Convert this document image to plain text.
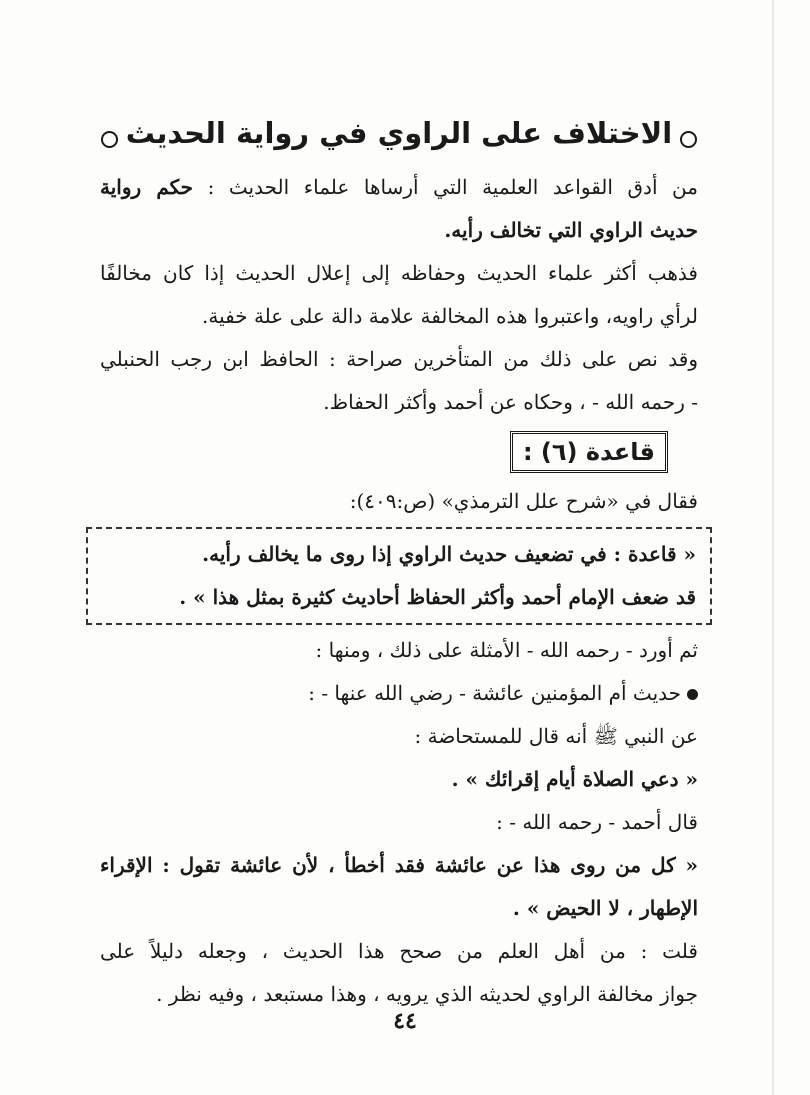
الاختلاف على الراوي في رواية الحديث
من أدق القواعد العلمية التي أرساها علماء الحديث : حكم رواية
حديث الراوي التي تخالف رأيه.
فذهب أكثر علماء الحديث وحفاظه إلى إعلال الحديث إذا كان مخالفًا
لرأي راويه، واعتبروا هذه المخالفة علامة دالة على علة خفية.
وقد نص على ذلك من المتأخرين صراحة : الحافظ ابن رجب الحنبلي
- رحمه الله - ، وحكاه عن أحمد وأكثر الحفاظ.
قاعدة (٦) :
فقال في «شرح علل الترمذي» (ص:٤٠٩):
« قاعدة : في تضعيف حديث الراوي إذا روى ما يخالف رأيه.
قد ضعف الإمام أحمد وأكثر الحفاظ أحاديث كثيرة بمثل هذا » .
ثم أورد - رحمه الله - الأمثلة على ذلك ، ومنها :
حديث أم المؤمنين عائشة - رضي الله عنها - :
عن النبي ﷺ أنه قال للمستحاضة :
« دعي الصلاة أيام إقرائك » .
قال أحمد - رحمه الله - :
« كل من روى هذا عن عائشة فقد أخطأ ، لأن عائشة تقول : الإقراء
الإطهار ، لا الحيض » .
قلت : من أهل العلم من صحح هذا الحديث ، وجعله دليلاً على
جواز مخالفة الراوي لحديثه الذي يرويه ، وهذا مستبعد ، وفيه نظر .
٤٤
